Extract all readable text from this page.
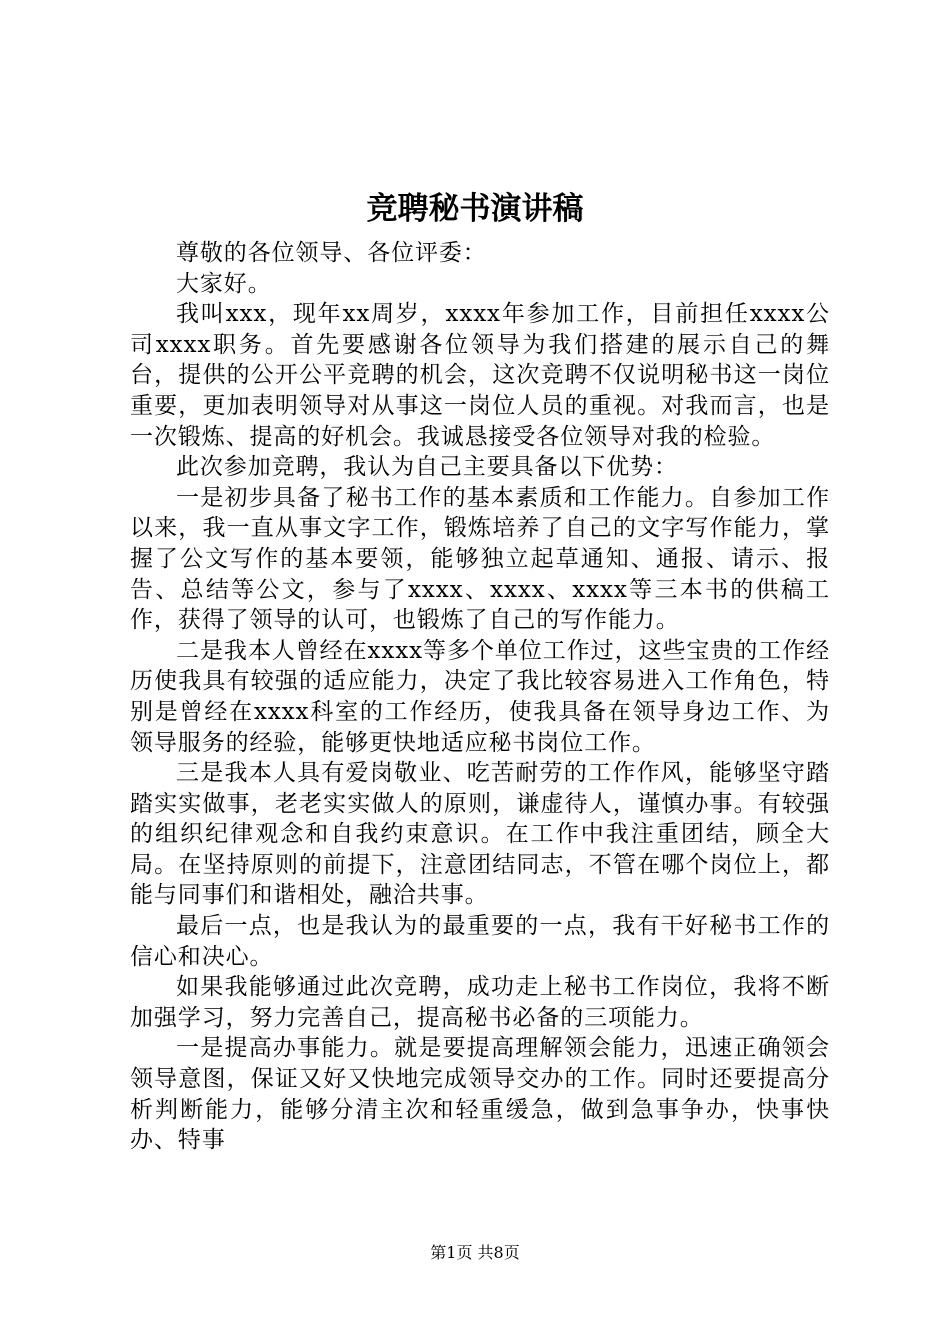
竞聘秘书演讲稿

尊敬的各位领导、各位评委：

大家好。

我叫xxx，现年xx周岁，xxxx年参加工作，目前担任xxxx公司xxxx职务。首先要感谢各位领导为我们搭建的展示自己的舞台，提供的公开公平竞聘的机会，这次竞聘不仅说明秘书这一岗位重要，更加表明领导对从事这一岗位人员的重视。对我而言，也是一次锻炼、提高的好机会。我诚恳接受各位领导对我的检验。

此次参加竞聘，我认为自己主要具备以下优势：

一是初步具备了秘书工作的基本素质和工作能力。自参加工作以来，我一直从事文字工作，锻炼培养了自己的文字写作能力，掌握了公文写作的基本要领，能够独立起草通知、通报、请示、报告、总结等公文，参与了xxxx、xxxx、xxxx等三本书的供稿工作，获得了领导的认可，也锻炼了自己的写作能力。

二是我本人曾经在xxxx等多个单位工作过，这些宝贵的工作经历使我具有较强的适应能力，决定了我比较容易进入工作角色，特别是曾经在xxxx科室的工作经历，使我具备在领导身边工作、为领导服务的经验，能够更快地适应秘书岗位工作。

三是我本人具有爱岗敬业、吃苦耐劳的工作作风，能够坚守踏踏实实做事，老老实实做人的原则，谦虚待人，谨慎办事。有较强的组织纪律观念和自我约束意识。在工作中我注重团结，顾全大局。在坚持原则的前提下，注意团结同志，不管在哪个岗位上，都能与同事们和谐相处，融洽共事。

最后一点，也是我认为的最重要的一点，我有干好秘书工作的信心和决心。

如果我能够通过此次竞聘，成功走上秘书工作岗位，我将不断加强学习，努力完善自己，提高秘书必备的三项能力。

一是提高办事能力。就是要提高理解领会能力，迅速正确领会领导意图，保证又好又快地完成领导交办的工作。同时还要提高分析判断能力，能够分清主次和轻重缓急，做到急事争办，快事快办、特事

第1页 共8页
